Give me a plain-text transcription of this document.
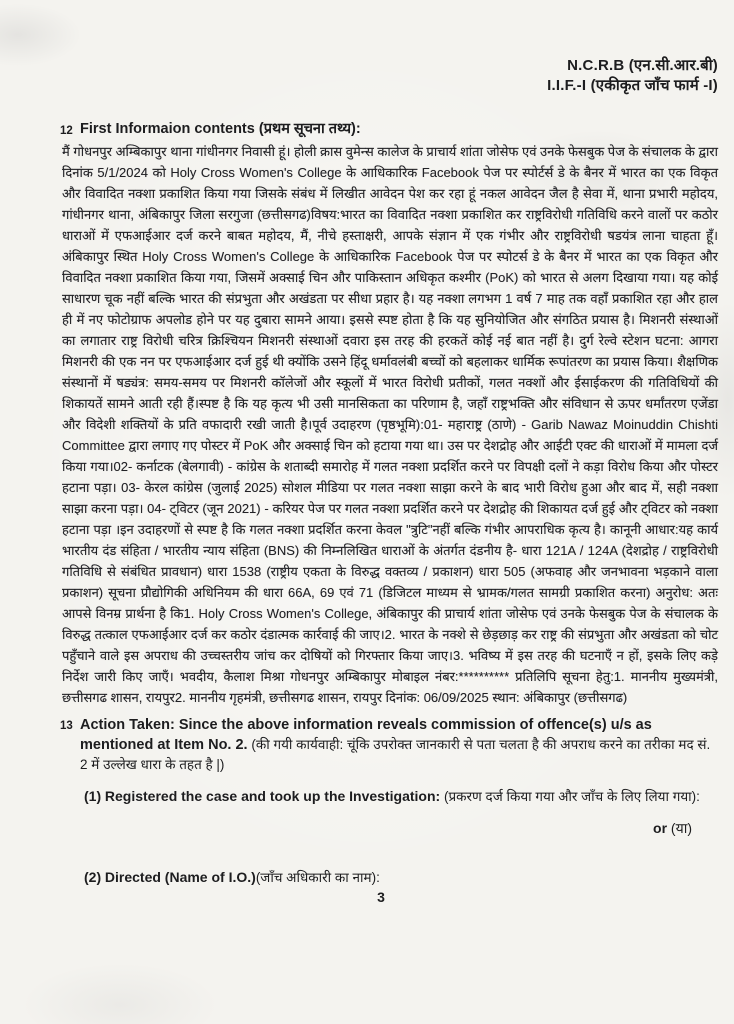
N.C.R.B (एन.सी.आर.बी)
I.I.F.-I (एकीकृत जाँच फार्म -I)
12 First Informaion contents (प्रथम सूचना तथ्य):
मैं गोधनपुर अम्बिकापुर थाना गांधीनगर निवासी हूं। होली क्रास वुमेन्स कालेज के प्राचार्य शांता जोसेफ एवं उनके फेसबुक पेज के संचालक के द्वारा दिनांक 5/1/2024 को Holy Cross Women's College के आधिकारिक Facebook पेज पर स्पोर्टर्स डे के बैनर में भारत का एक विकृत और विवादित नक्शा प्रकाशित किया गया जिसके संबंध में लिखीत आवेदन पेश कर रहा हूं नकल आवेदन जैल है सेवा में, थाना प्रभारी महोदय, गांधीनगर थाना, अंबिकापुर जिला सरगुजा (छत्तीसगढ)विषय:भारत का विवादित नक्शा प्रकाशित कर राष्ट्रविरोधी गतिविधि करने वालों पर कठोर धाराओं में एफआईआर दर्ज करने बाबत महोदय, मैं, नीचे हस्ताक्षरी, आपके संज्ञान में एक गंभीर और राष्ट्रविरोधी षडयंत्र लाना चाहता हूँ। अंबिकापुर स्थित Holy Cross Women's College के आधिकारिक Facebook पेज पर स्पोटर्स डे के बैनर में भारत का एक विकृत और विवादित नक्शा प्रकाशित किया गया, जिसमें अक्साई चिन और पाकिस्तान अधिकृत कश्मीर (PoK) को भारत से अलग दिखाया गया। यह कोई साधारण चूक नहीं बल्कि भारत की संप्रभुता और अखंडता पर सीधा प्रहार है। यह नक्शा लगभग 1 वर्ष 7 माह तक वहाँ प्रकाशित रहा और हाल ही में नए फोटोग्राफ अपलोड होने पर यह दुबारा सामने आया। इससे स्पष्ट होता है कि यह सुनियोजित और संगठित प्रयास है। मिशनरी संस्थाओं का लगातार राष्ट्र विरोधी चरित्र क्रिश्चियन मिशनरी संस्थाओं दवारा इस तरह की हरकतें कोई नई बात नहीं है। दुर्ग रेल्वे स्टेशन घटना: आगरा मिशनरी की एक नन पर एफआईआर दर्ज हुई थी क्योंकि उसने हिंदू धर्मावलंबी बच्चों को बहलाकर धार्मिक रूपांतरण का प्रयास किया। शैक्षणिक संस्थानों में षड्यंत्र: समय-समय पर मिशनरी कॉलेजों और स्कूलों में भारत विरोधी प्रतीकों, गलत नक्शों और ईसाईकरण की गतिविधियों की शिकायतें सामने आती रही हैं।स्पष्ट है कि यह कृत्य भी उसी मानसिकता का परिणाम है, जहाँ राष्ट्रभक्ति और संविधान से ऊपर धर्मांतरण एजेंडा और विदेशी शक्तियों के प्रति वफादारी रखी जाती है।पूर्व उदाहरण (पृष्ठभूमि):01- महाराष्ट्र (ठाणे) - Garib Nawaz Moinuddin Chishti Committee द्वारा लगाए गए पोस्टर में PoK और अक्साई चिन को हटाया गया था। उस पर देशद्रोह और आईटी एक्ट की धाराओं में मामला दर्ज किया गया।02- कर्नाटक (बेलगावी) - कांग्रेस के शताब्दी समारोह में गलत नक्शा प्रदर्शित करने पर विपक्षी दलों ने कड़ा विरोध किया और पोस्टर हटाना पड़ा। 03- केरल कांग्रेस (जुलाई 2025) सोशल मीडिया पर गलत नक्शा साझा करने के बाद भारी विरोध हुआ और बाद में, सही नक्शा साझा करना पड़ा। 04- ट्विटर (जून 2021) - करियर पेज पर गलत नक्शा प्रदर्शित करने पर देशद्रोह की शिकायत दर्ज हुई और ट्विटर को नक्शा हटाना पड़ा ।इन उदाहरणों से स्पष्ट है कि गलत नक्शा प्रदर्शित करना केवल "त्रुटि"नहीं बल्कि गंभीर आपराधिक कृत्य है। कानूनी आधार:यह कार्य भारतीय दंड संहिता / भारतीय न्याय संहिता (BNS) की निम्नलिखित धाराओं के अंतर्गत दंडनीय है- धारा 121A / 124A (देशद्रोह / राष्ट्रविरोधी गतिविधि से संबंधित प्रावधान) धारा 1538 (राष्ट्रीय एकता के विरुद्ध वक्तव्य / प्रकाशन) धारा 505 (अफवाह और जनभावना भड़काने वाला प्रकाशन) सूचना प्रौद्योगिकी अधिनियम की धारा 66A, 69 एवं 71 (डिजिटल माध्यम से भ्रामक/गलत सामग्री प्रकाशित करना) अनुरोध: अतः आपसे विनम्र प्रार्थना है कि1. Holy Cross Women's College, अंबिकापुर की प्राचार्य शांता जोसेफ एवं उनके फेसबुक पेज के संचालक के विरुद्ध तत्काल एफआईआर दर्ज कर कठोर दंडात्मक कार्रवाई की जाए।2. भारत के नक्शे से छेड़छाड़ कर राष्ट्र की संप्रभुता और अखंडता को चोट पहुँचाने वाले इस अपराध की उच्चस्तरीय जांच कर दोषियों को गिरफ्तार किया जाए।3. भविष्य में इस तरह की घटनाएँ न हों, इसके लिए कड़े निर्देश जारी किए जाएँ। भवदीय, कैलाश मिश्रा गोधनपुर अम्बिकापुर मोबाइल नंबर:********** प्रतिलिपि सूचना हेतु:1. माननीय मुख्यमंत्री, छत्तीसगढ शासन, रायपुर2. माननीय गृहमंत्री, छत्तीसगढ शासन, रायपुर दिनांक: 06/09/2025 स्थान: अंबिकापुर (छत्तीसगढ)
13 Action Taken: Since the above information reveals commission of offence(s) u/s as mentioned at Item No. 2. (की गयी कार्यवाही: चूंकि उपरोक्त जानकारी से पता चलता है की अपराध करने का तरीका मद सं. 2 में उल्लेख धारा के तहत है |)
(1) Registered the case and took up the Investigation: (प्रकरण दर्ज किया गया और जाँच के लिए लिया गया):
or (या)
(2) Directed (Name of I.O.)(जाँच अधिकारी का नाम):
3
